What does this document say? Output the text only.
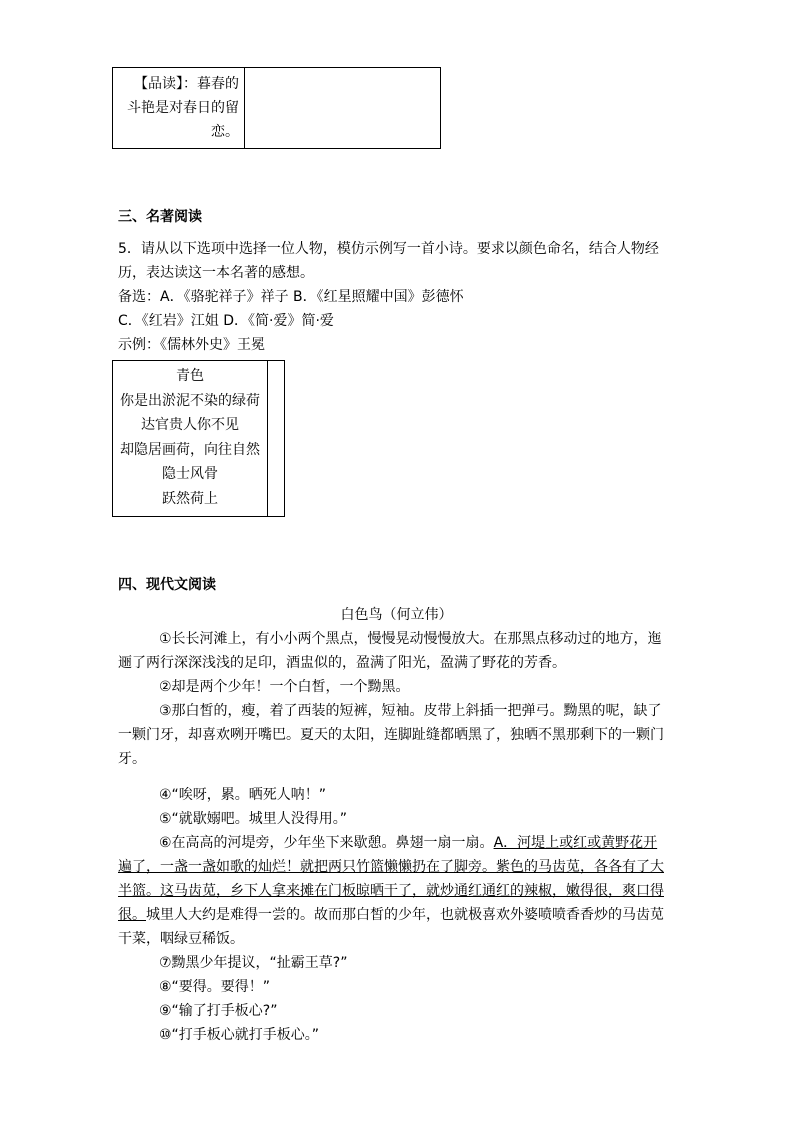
【品读】：暮春的
斗艳是对春日的留
恋。
三、名著阅读
5．请从以下选项中选择一位人物，模仿示例写一首小诗。要求以颜色命名，结合人物经
历，表达读这一本名著的感想。
备选：A．《骆驼祥子》祥子 B．《红星照耀中国》彭德怀
C．《红岩》江姐 D．《简·爱》简·爱
示例：《儒林外史》王冕
青色
你是出淤泥不染的绿荷
达官贵人你不见
却隐居画荷，向往自然
隐士风骨
跃然荷上
四、现代文阅读
白色鸟（何立伟）
①长长河滩上，有小小两个黑点，慢慢晃动慢慢放大。在那黑点移动过的地方，迤
逦了两行深深浅浅的足印，酒盅似的，盈满了阳光，盈满了野花的芳香。
②却是两个少年！一个白皙，一个黝黑。
③那白皙的，瘦，着了西装的短裤，短袖。皮带上斜插一把弹弓。黝黑的呢，缺了
一颗门牙，却喜欢咧开嘴巴。夏天的太阳，连脚趾缝都晒黑了，独晒不黑那剩下的一颗门
牙。
④“唉呀，累。晒死人呐！”
⑤“就歇嫋吧。城里人没得用。”
⑥在高高的河堤旁，少年坐下来歇憩。鼻翅一扇一扇。A．河堤上或红或黄野花开
遍了，一盏一盏如歌的灿烂！就把两只竹篮懒懒扔在了脚旁。紫色的马齿苋，各各有了大
半篮。这马齿苋，乡下人拿来摊在门板晾晒干了，就炒通红通红的辣椒，嫩得很，爽口得
很。城里人大约是难得一尝的。故而那白皙的少年，也就极喜欢外婆喷喷香香炒的马齿苋
干菜，咽绿豆稀饭。
⑦黝黑少年提议，“扯霸王草?”
⑧“要得。要得！”
⑨“输了打手板心?”
⑩“打手板心就打手板心。”
